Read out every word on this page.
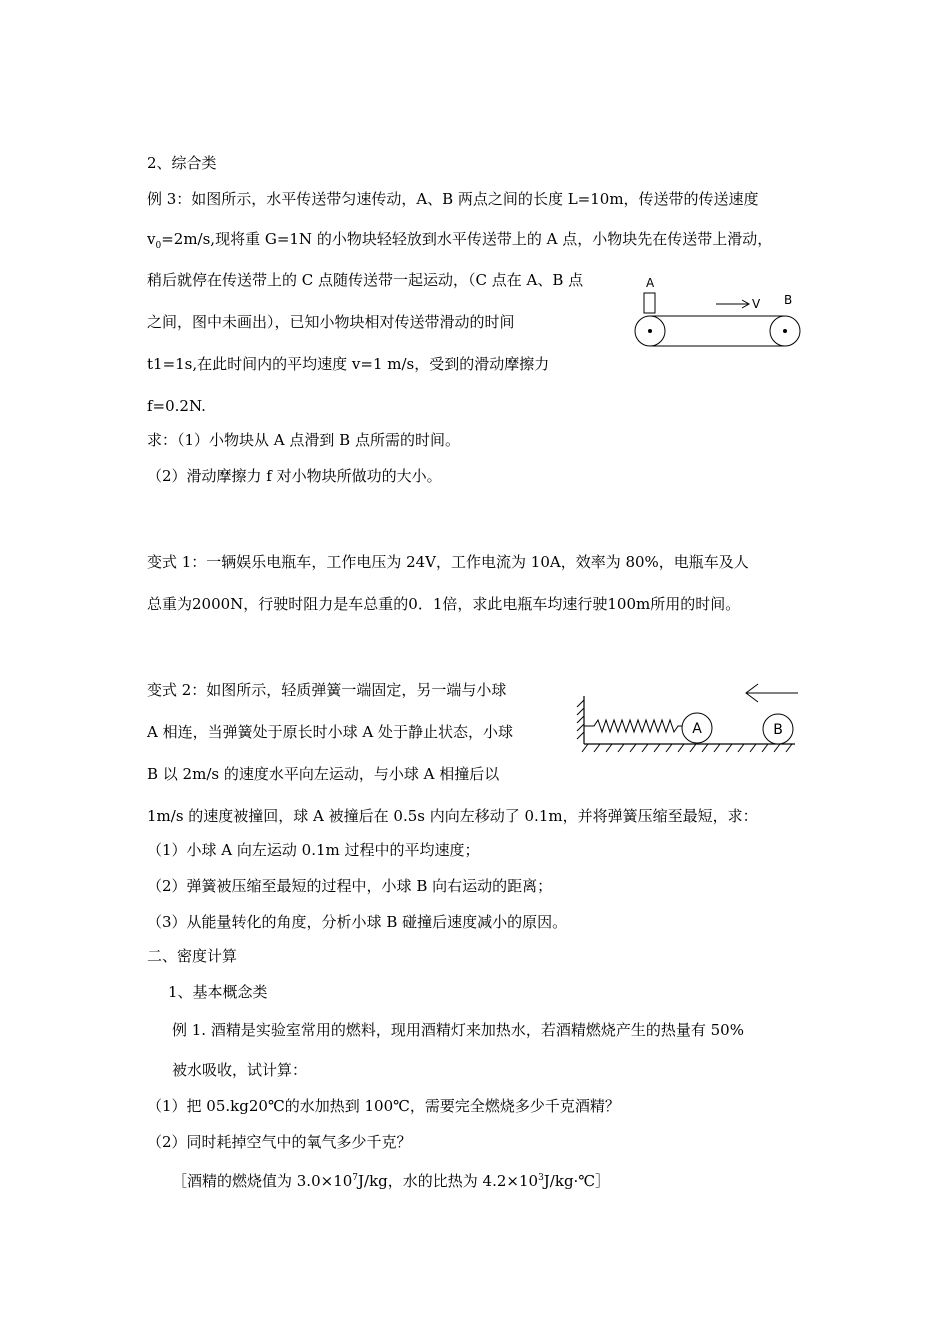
2、综合类
例 3：如图所示，水平传送带匀速传动，A、B 两点之间的长度 L=10m，传送带的传送速度
$v_0=2m/s$,现将重 G=1N 的小物块轻轻放到水平传送带上的 A 点，小物块先在传送带上滑动，
稍后就停在传送带上的 C 点随传送带一起运动，（C 点在 A、B 点
之间，图中未画出），已知小物块相对传送带滑动的时间
t1=1s,在此时间内的平均速度 v=1 m/s，受到的滑动摩擦力
f=0.2N.
求：（1）小物块从 A 点滑到 B 点所需的时间。
（2）滑动摩擦力 f 对小物块所做功的大小。
A
V B
变式 1：一辆娱乐电瓶车，工作电压为 24V，工作电流为 10A，效率为 80%，电瓶车及人
总重为2000N，行驶时阻力是车总重的0．1倍，求此电瓶车均速行驶100m所用的时间。
变式 2：如图所示，轻质弹簧一端固定，另一端与小球
A 相连，当弹簧处于原长时小球 A 处于静止状态，小球
B 以 2m/s 的速度水平向左运动，与小球 A 相撞后以
1m/s 的速度被撞回，球 A 被撞后在 0.5s 内向左移动了 0.1m，并将弹簧压缩至最短，求：
（1）小球 A 向左运动 0.1m 过程中的平均速度；
（2）弹簧被压缩至最短的过程中，小球 B 向右运动的距离；
（3）从能量转化的角度，分析小球 B 碰撞后速度减小的原因。
A	B
二、密度计算
1、基本概念类
例 1. 酒精是实验室常用的燃料，现用酒精灯来加热水，若酒精燃烧产生的热量有 50%
被水吸收，试计算：
（1）把 05.kg20℃的水加热到 100℃，需要完全燃烧多少千克酒精？
（2）同时耗掉空气中的氧气多少千克？
［酒精的燃烧值为 $3.0\times 10^7J/kg$，水的比热为 $4.2\times 10^3J/kg\cdot℃]$
